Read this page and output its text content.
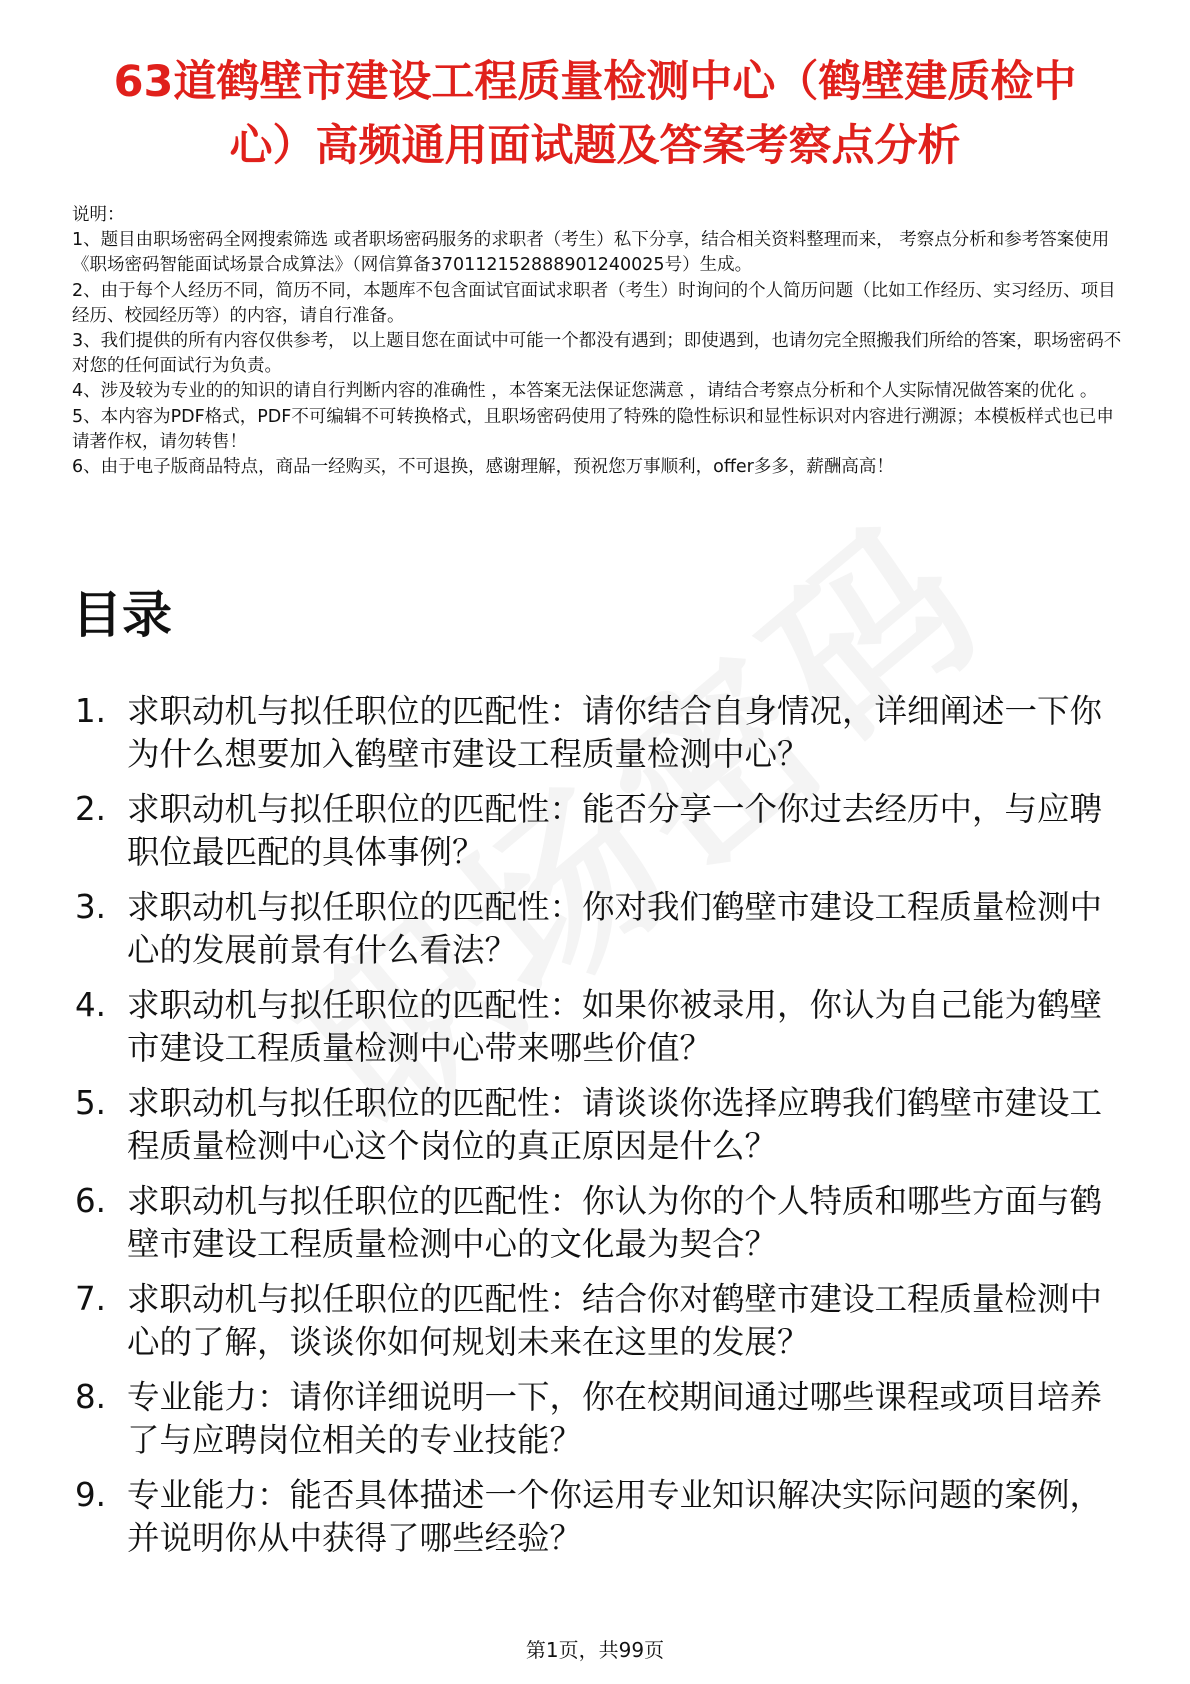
63道鹤壁市建设工程质量检测中心（鹤壁建质检中心）高频通用面试题及答案考察点分析

说明：

1、题目由职场密码全网搜索筛选 或者职场密码服务的求职者（考生）私下分享，结合相关资料整理而来， 考察点分析和参考答案使用《职场密码智能面试场景合成算法》（网信算备370112152888901240025号）生成。

2、由于每个人经历不同，简历不同，本题库不包含面试官面试求职者（考生）时询问的个人简历问题（比如工作经历、实习经历、项目经历、校园经历等）的内容，请自行准备。

3、我们提供的所有内容仅供参考， 以上题目您在面试中可能一个都没有遇到；即使遇到，也请勿完全照搬我们所给的答案，职场密码不对您的任何面试行为负责。

4、涉及较为专业的的知识的请自行判断内容的准确性 ，本答案无法保证您满意 ，请结合考察点分析和个人实际情况做答案的优化 。

5、本内容为PDF格式，PDF不可编辑不可转换格式，且职场密码使用了特殊的隐性标识和显性标识对内容进行溯源；本模板样式也已申请著作权，请勿转售！

6、由于电子版商品特点，商品一经购买，不可退换，感谢理解，预祝您万事顺利，offer多多，薪酬高高！

目录
1. 求职动机与拟任职位的匹配性：请你结合自身情况，详细阐述一下你为什么想要加入鹤壁市建设工程质量检测中心？
2. 求职动机与拟任职位的匹配性：能否分享一个你过去经历中，与应聘职位最匹配的具体事例？
3. 求职动机与拟任职位的匹配性：你对我们鹤壁市建设工程质量检测中心的发展前景有什么看法？
4. 求职动机与拟任职位的匹配性：如果你被录用，你认为自己能为鹤壁市建设工程质量检测中心带来哪些价值？
5. 求职动机与拟任职位的匹配性：请谈谈你选择应聘我们鹤壁市建设工程质量检测中心这个岗位的真正原因是什么？
6. 求职动机与拟任职位的匹配性：你认为你的个人特质和哪些方面与鹤壁市建设工程质量检测中心的文化最为契合？
7. 求职动机与拟任职位的匹配性：结合你对鹤壁市建设工程质量检测中心的了解，谈谈你如何规划未来在这里的发展？
8. 专业能力：请你详细说明一下，你在校期间通过哪些课程或项目培养了与应聘岗位相关的专业技能？
9. 专业能力：能否具体描述一个你运用专业知识解决实际问题的案例，并说明你从中获得了哪些经验？
第1页，共99页
